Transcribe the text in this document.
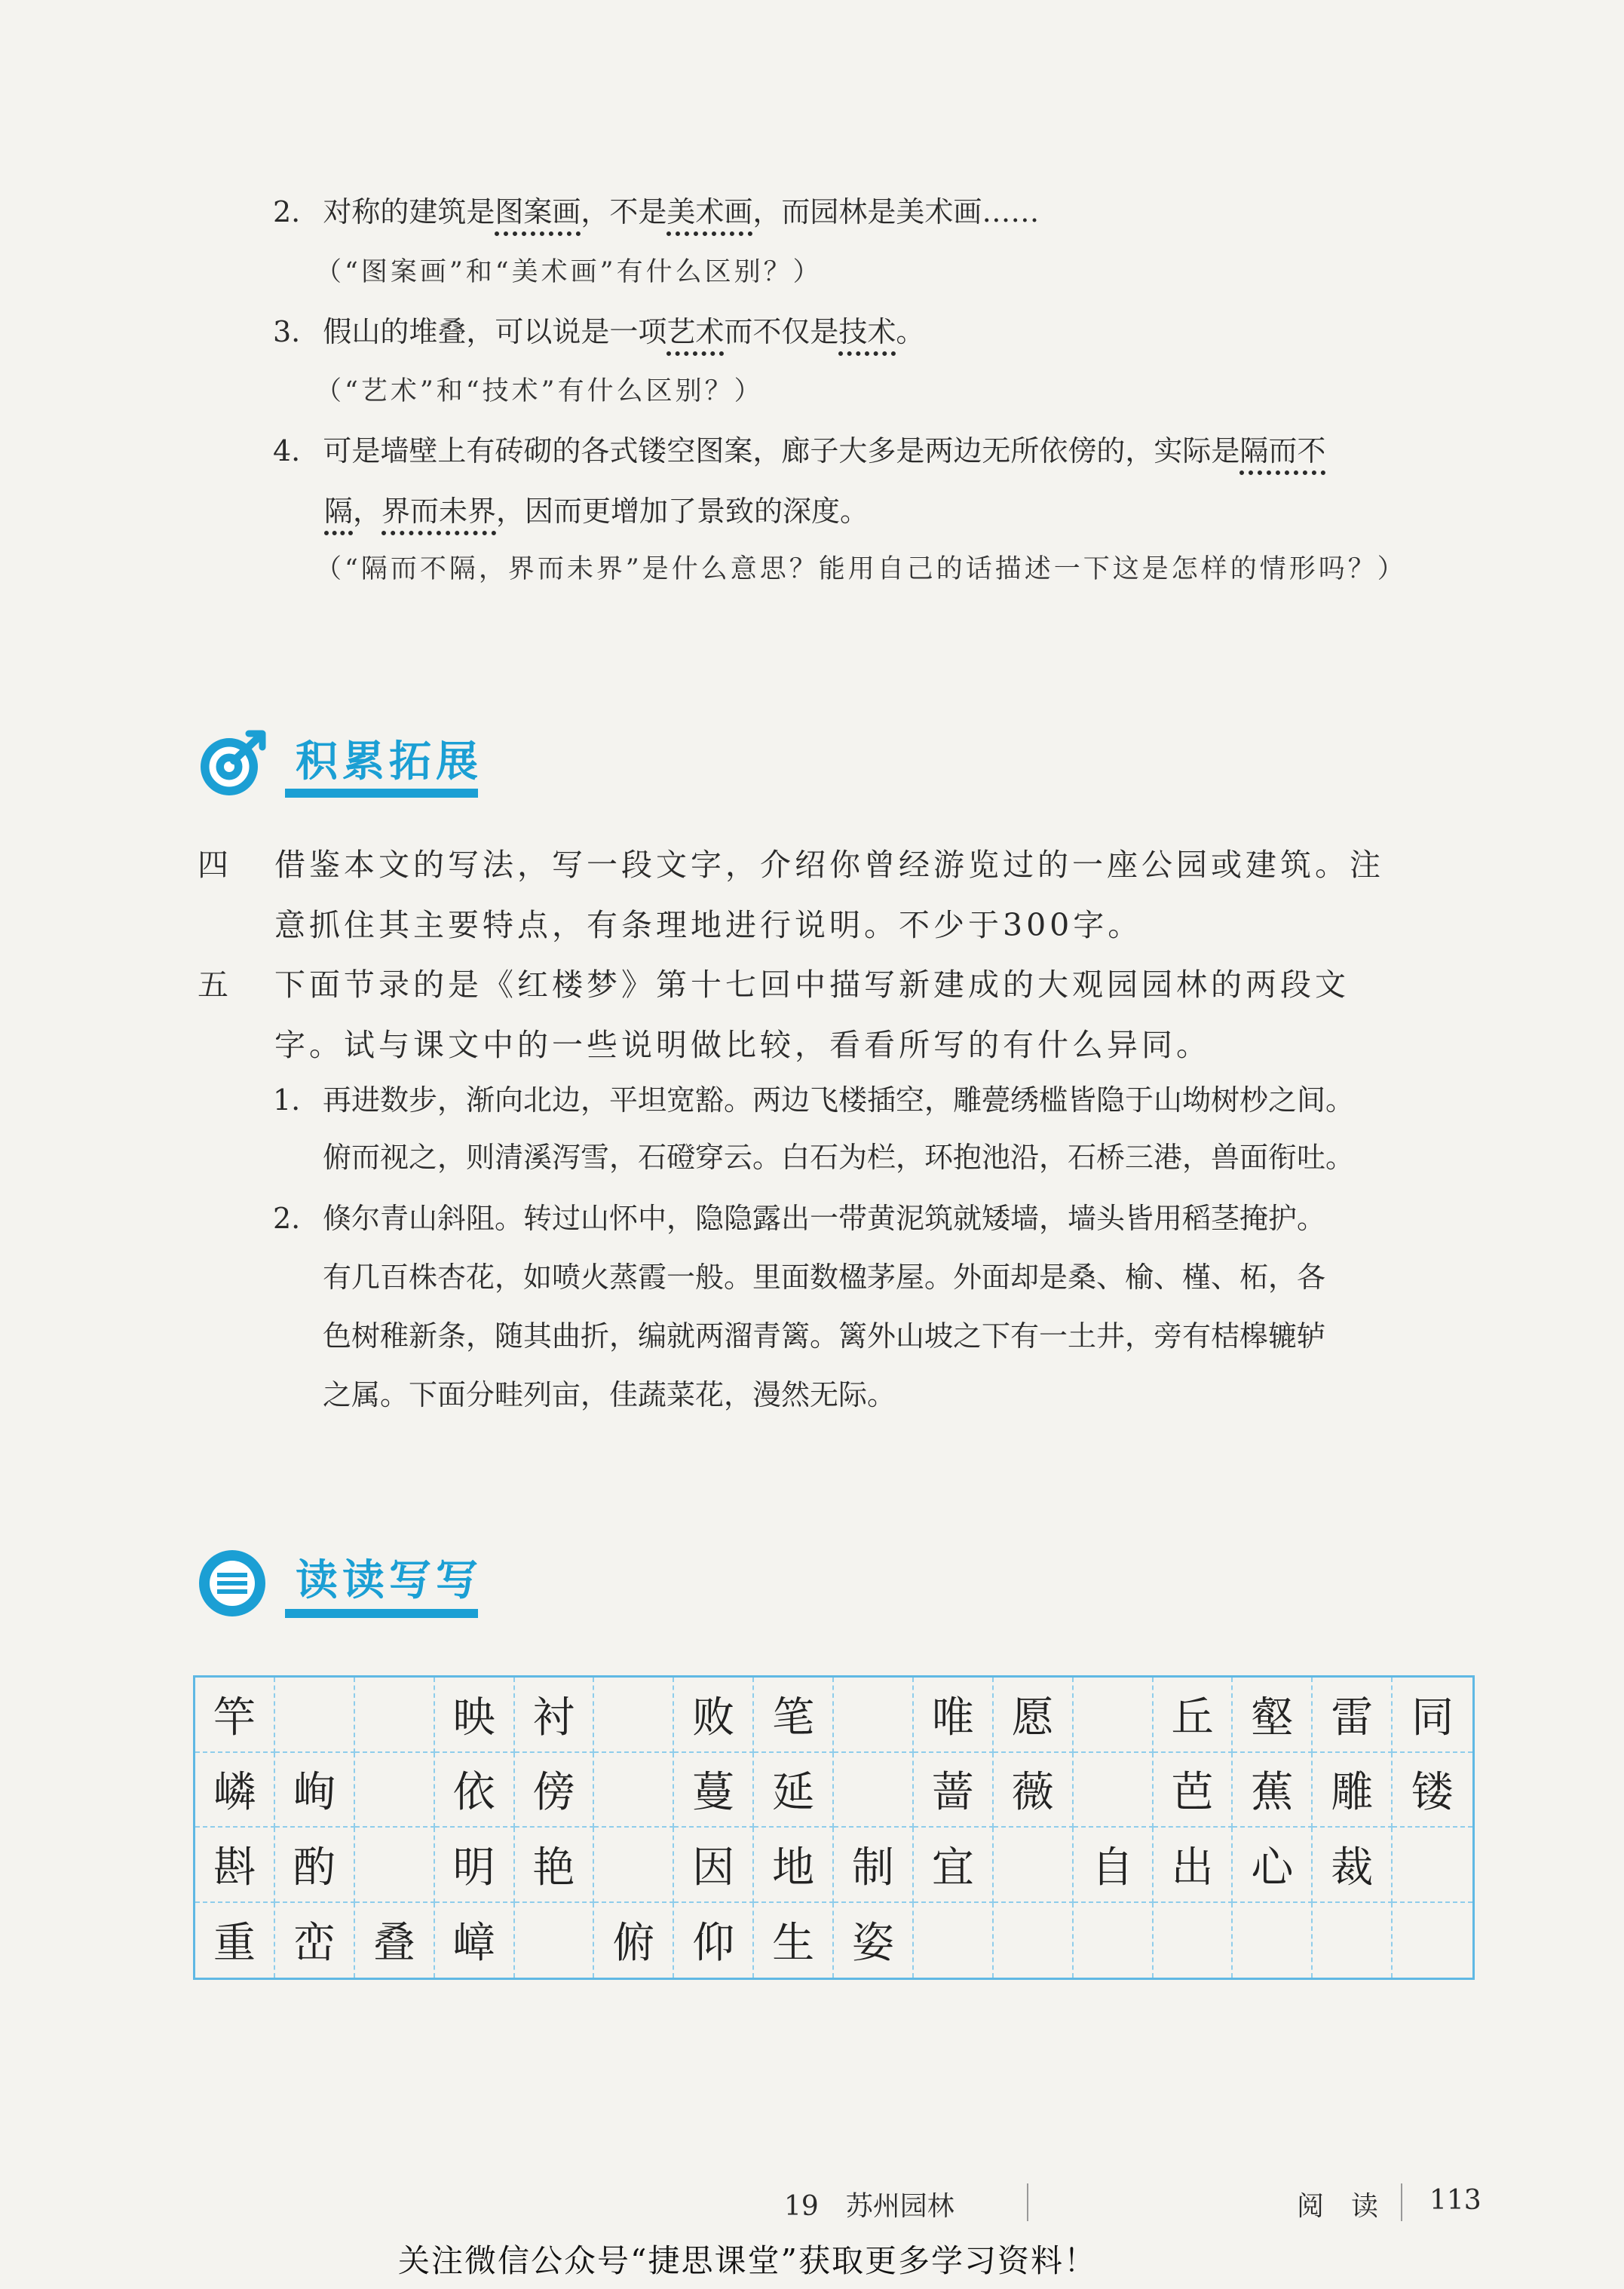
2. 对称的建筑是图案画，不是美术画，而园林是美术画……
（“图案画”和“美术画”有什么区别？）
3. 假山的堆叠，可以说是一项艺术而不仅是技术。
（“艺术”和“技术”有什么区别？）
4. 可是墙壁上有砖砌的各式镂空图案，廊子大多是两边无所依傍的，实际是隔而不
隔，界而未界，因而更增加了景致的深度。
（“隔而不隔，界而未界”是什么意思？能用自己的话描述一下这是怎样的情形吗？）
积累拓展
四 借鉴本文的写法，写一段文字，介绍你曾经游览过的一座公园或建筑。注
意抓住其主要特点，有条理地进行说明。不少于300字。
五 下面节录的是《红楼梦》第十七回中描写新建成的大观园园林的两段文
字。试与课文中的一些说明做比较，看看所写的有什么异同。
1. 再进数步，渐向北边，平坦宽豁。两边飞楼插空，雕甍绣槛皆隐于山坳树杪之间。
俯而视之，则清溪泻雪，石磴穿云。白石为栏，环抱池沿，石桥三港，兽面衔吐。
2. 倏尔青山斜阻。转过山怀中，隐隐露出一带黄泥筑就矮墙，墙头皆用稻茎掩护。
有几百株杏花，如喷火蒸霞一般。里面数楹茅屋。外面却是桑、榆、槿、柘，各
色树稚新条，随其曲折，编就两溜青篱。篱外山坡之下有一土井，旁有桔槔辘轳
之属。下面分畦列亩，佳蔬菜花，漫然无际。
读读写写
竿	映 衬	败 笔	唯 愿	丘 壑 雷 同
嶙 峋	依 傍	蔓 延	蔷 薇	芭 蕉 雕 镂
斟 酌	明 艳	因 地 制 宜	自 出 心 裁
重 峦 叠 嶂	俯 仰 生 姿
19　苏州园林	阅　读 113
关注微信公众号“捷思课堂”获取更多学习资料！
